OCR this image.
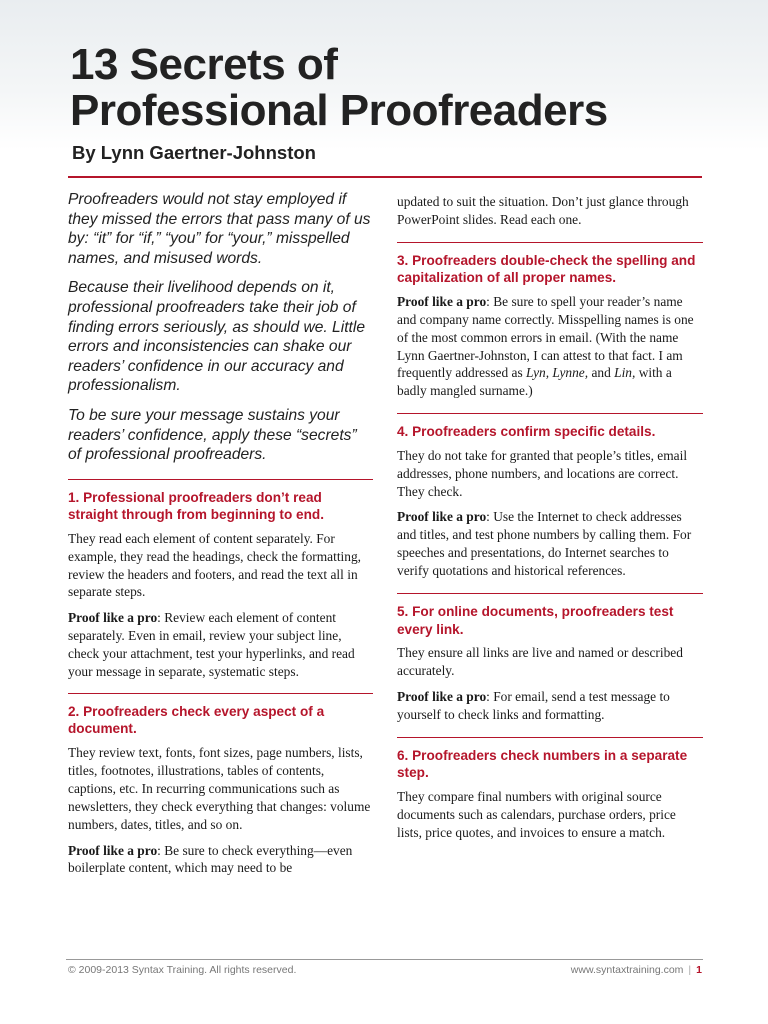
13 Secrets of
Professional Proofreaders

By Lynn Gaertner-Johnston

Proofreaders would not stay employed if they missed the errors that pass many of us by: “it” for “if,” “you” for “your,” misspelled names, and misused words.

Because their livelihood depends on it, professional proofreaders take their job of finding errors seriously, as should we. Little errors and inconsistencies can shake our readers’ confidence in our accuracy and professionalism.

To be sure your message sustains your readers’ confidence, apply these “secrets” of professional proofreaders.

1. Professional proofreaders don’t read straight through from beginning to end.

They read each element of content separately. For example, they read the headings, check the formatting, review the headers and footers, and read the text all in separate steps.

Proof like a pro: Review each element of content separately. Even in email, review your subject line, check your attachment, test your hyperlinks, and read your message in separate, systematic steps.

2. Proofreaders check every aspect of a document.

They review text, fonts, font sizes, page numbers, lists, titles, footnotes, illustrations, tables of contents, captions, etc. In recurring communications such as newsletters, they check everything that changes: volume numbers, dates, titles, and so on.

Proof like a pro: Be sure to check everything—even boilerplate content, which may need to be

updated to suit the situation. Don’t just glance through PowerPoint slides. Read each one.

3. Proofreaders double-check the spelling and capitalization of all proper names.

Proof like a pro: Be sure to spell your reader’s name and company name correctly. Misspelling names is one of the most common errors in email. (With the name Lynn Gaertner-Johnston, I can attest to that fact. I am frequently addressed as Lyn, Lynne, and Lin, with a badly mangled surname.)

4. Proofreaders confirm specific details.

They do not take for granted that people’s titles, email addresses, phone numbers, and locations are correct. They check.

Proof like a pro: Use the Internet to check addresses and titles, and test phone numbers by calling them. For speeches and presentations, do Internet searches to verify quotations and historical references.

5. For online documents, proofreaders test every link.

They ensure all links are live and named or described accurately.

Proof like a pro: For email, send a test message to yourself to check links and formatting.

6. Proofreaders check numbers in a separate step.

They compare final numbers with original source documents such as calendars, purchase orders, price lists, price quotes, and invoices to ensure a match.

© 2009-2013 Syntax Training. All rights reserved.	www.syntaxtraining.com | 1
